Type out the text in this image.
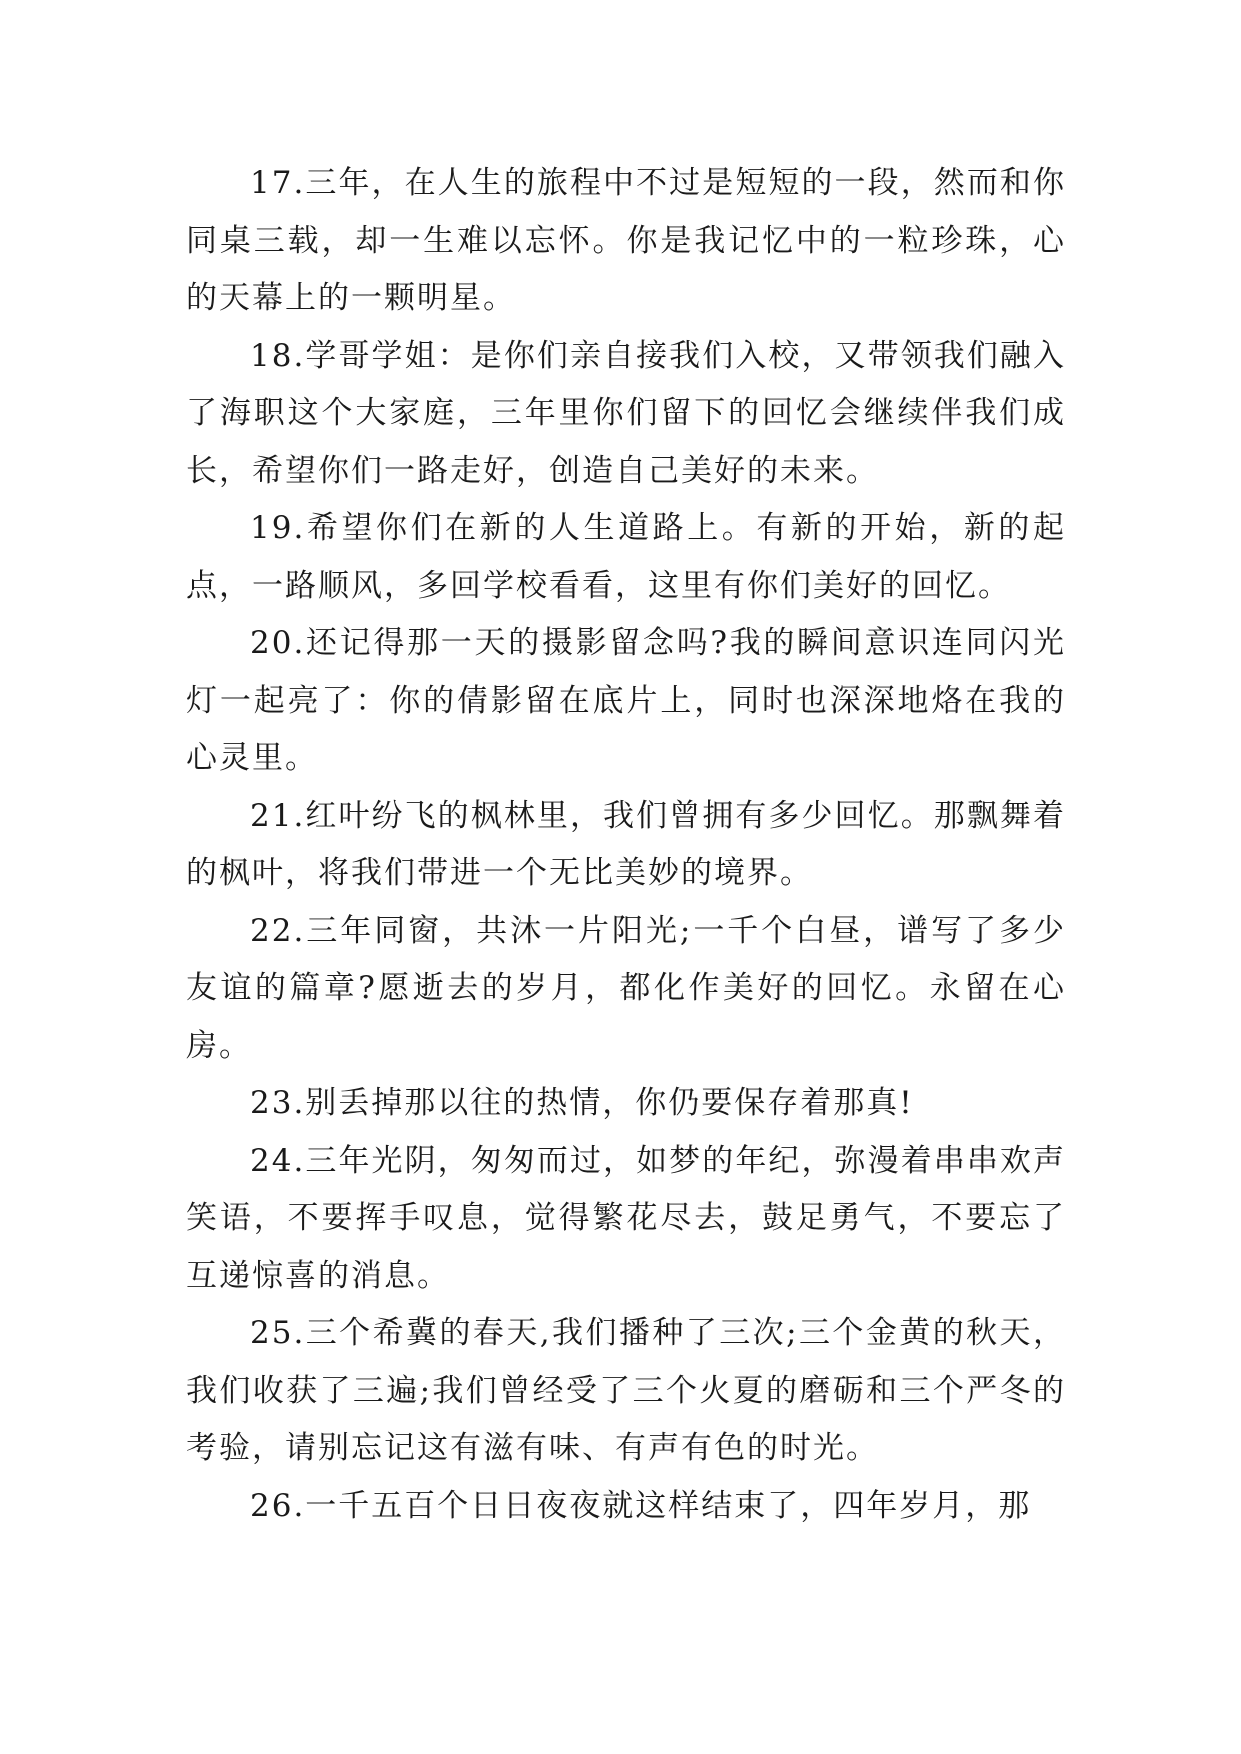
17.三年，在人生的旅程中不过是短短的一段，然而和你同桌三载，却一生难以忘怀。你是我记忆中的一粒珍珠，心的天幕上的一颗明星。

18.学哥学姐：是你们亲自接我们入校，又带领我们融入了海职这个大家庭，三年里你们留下的回忆会继续伴我们成长，希望你们一路走好，创造自己美好的未来。

19.希望你们在新的人生道路上。有新的开始，新的起点，一路顺风，多回学校看看，这里有你们美好的回忆。

20.还记得那一天的摄影留念吗?我的瞬间意识连同闪光灯一起亮了：你的倩影留在底片上，同时也深深地烙在我的心灵里。

21.红叶纷飞的枫林里，我们曾拥有多少回忆。那飘舞着的枫叶，将我们带进一个无比美妙的境界。

22.三年同窗，共沐一片阳光;一千个白昼，谱写了多少友谊的篇章?愿逝去的岁月，都化作美好的回忆。永留在心房。

23.别丢掉那以往的热情，你仍要保存着那真!

24.三年光阴，匆匆而过，如梦的年纪，弥漫着串串欢声笑语，不要挥手叹息，觉得繁花尽去，鼓足勇气，不要忘了互递惊喜的消息。

25.三个希冀的春天,我们播种了三次;三个金黄的秋天，我们收获了三遍;我们曾经受了三个火夏的磨砺和三个严冬的考验，请别忘记这有滋有味、有声有色的时光。

26.一千五百个日日夜夜就这样结束了，四年岁月，那
